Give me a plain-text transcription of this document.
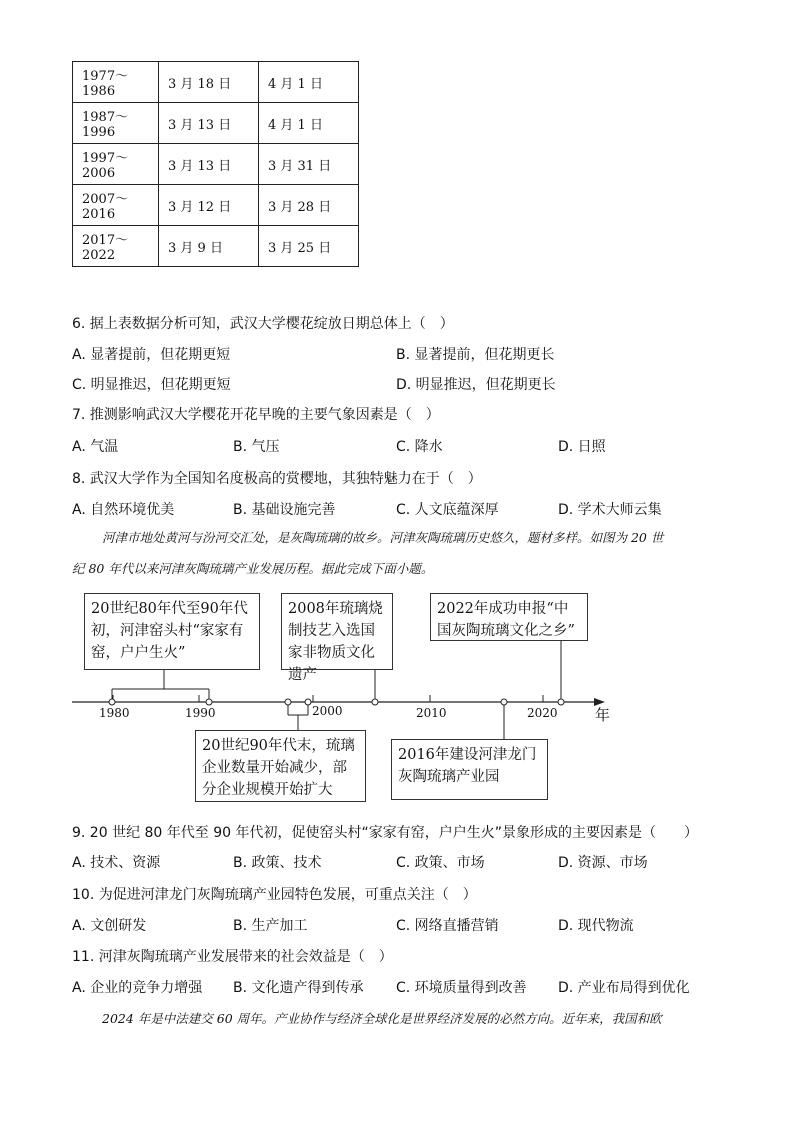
1977～1986	3 月 18 日	4 月 1 日
1987～1996	3 月 13 日	4 月 1 日
1997～2006	3 月 13 日	3 月 31 日
2007～2016	3 月 12 日	3 月 28 日
2017～2022	3 月 9 日	3 月 25 日
6. 据上表数据分析可知，武汉大学樱花绽放日期总体上（　）
A. 显著提前，但花期更短	B. 显著提前，但花期更长
C. 明显推迟，但花期更短	D. 明显推迟，但花期更长
7. 推测影响武汉大学樱花开花早晚的主要气象因素是（　）
A. 气温	B. 气压	C. 降水	D. 日照
8. 武汉大学作为全国知名度极高的赏樱地，其独特魅力在于（　）
A. 自然环境优美	B. 基础设施完善	C. 人文底蕴深厚	D. 学术大师云集
河津市地处黄河与汾河交汇处，是灰陶琉璃的故乡。河津灰陶琉璃历史悠久，题材多样。如图为 20 世
纪 80 年代以来河津灰陶琉璃产业发展历程。据此完成下面小题。
1980	1990	2000	2010	2020 年
20世纪80年代至90年代初，河津窑头村“家家有窑，户户生火”
2008年琉璃烧制技艺入选国家非物质文化遗产
2022年成功申报“中国灰陶琉璃文化之乡”
20世纪90年代末，琉璃企业数量开始减少，部分企业规模开始扩大
2016年建设河津龙门灰陶琉璃产业园
9. 20 世纪 80 年代至 90 年代初，促使窑头村“家家有窑，户户生火”景象形成的主要因素是（　　）
A. 技术、资源	B. 政策、技术	C. 政策、市场	D. 资源、市场
10. 为促进河津龙门灰陶琉璃产业园特色发展，可重点关注（　）
A. 文创研发	B. 生产加工	C. 网络直播营销	D. 现代物流
11. 河津灰陶琉璃产业发展带来的社会效益是（　）
A. 企业的竞争力增强 B. 文化遗产得到传承 C. 环境质量得到改善 D. 产业布局得到优化
2024 年是中法建交 60 周年。产业协作与经济全球化是世界经济发展的必然方向。近年来，我国和欧
